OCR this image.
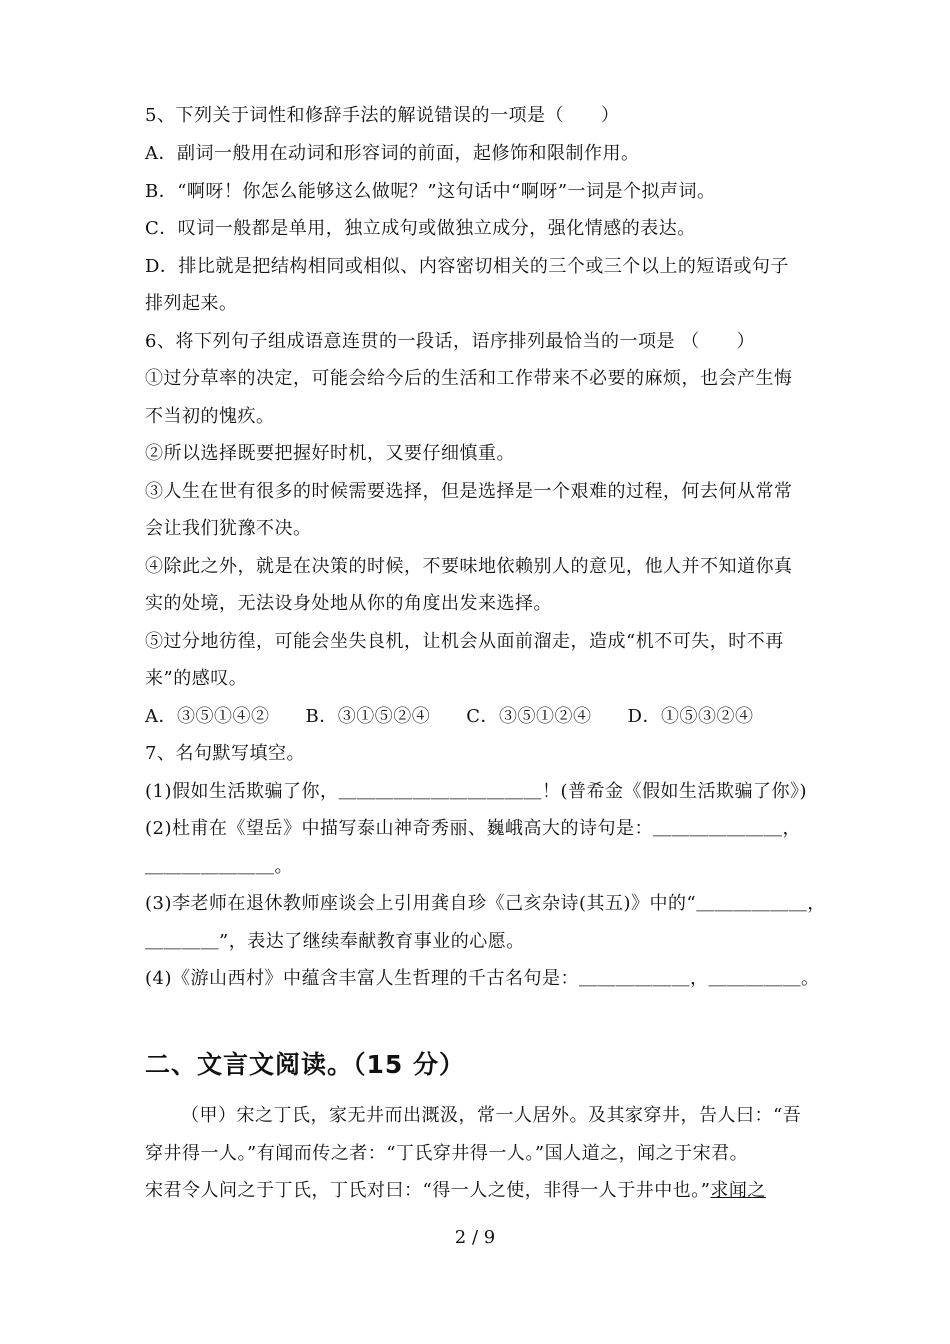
5、下列关于词性和修辞手法的解说错误的一项是（　　）
A．副词一般用在动词和形容词的前面，起修饰和限制作用。
B．“啊呀！你怎么能够这么做呢？”这句话中“啊呀”一词是个拟声词。
C．叹词一般都是单用，独立成句或做独立成分，强化情感的表达。
D．排比就是把结构相同或相似、内容密切相关的三个或三个以上的短语或句子
排列起来。
6、将下列句子组成语意连贯的一段话，语序排列最恰当的一项是 （　　）
①过分草率的决定，可能会给今后的生活和工作带来不必要的麻烦，也会产生悔
不当初的愧疚。
②所以选择既要把握好时机，又要仔细慎重。
③人生在世有很多的时候需要选择，但是选择是一个艰难的过程，何去何从常常
会让我们犹豫不决。
④除此之外，就是在决策的时候，不要味地依赖别人的意见，他人并不知道你真
实的处境，无法设身处地从你的角度出发来选择。
⑤过分地彷徨，可能会坐失良机，让机会从面前溜走，造成“机不可失，时不再
来”的感叹。
A．③⑤①④② B．③①⑤②④ C．③⑤①②④ D．①⑤③②④
7、名句默写填空。
(1)假如生活欺骗了你，＿＿＿＿＿＿＿＿＿＿＿！(普希金《假如生活欺骗了你》)
(2)杜甫在《望岳》中描写泰山神奇秀丽、巍峨高大的诗句是：＿＿＿＿＿＿＿，
＿＿＿＿＿＿＿。
(3)李老师在退休教师座谈会上引用龚自珍《己亥杂诗(其五)》中的“＿＿＿＿＿＿，
＿＿＿＿”，表达了继续奉献教育事业的心愿。
(4)《游山西村》中蕴含丰富人生哲理的千古名句是：＿＿＿＿＿＿，＿＿＿＿＿。
二、文言文阅读。（15 分）
（甲）宋之丁氏，家无井而出溉汲，常一人居外。及其家穿井，告人曰：“吾
穿井得一人。”有闻而传之者：“丁氏穿井得一人。”国人道之，闻之于宋君。
宋君令人问之于丁氏，丁氏对曰：“得一人之使，非得一人于井中也。”求闻之
2 / 9
